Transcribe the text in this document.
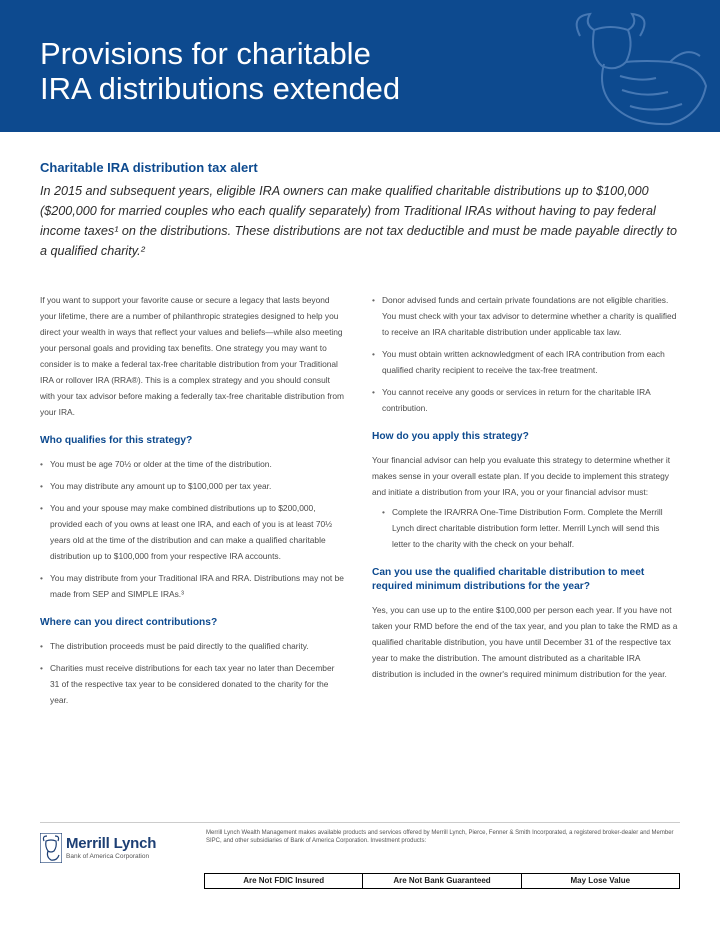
Provisions for charitable
IRA distributions extended
Charitable IRA distribution tax alert

In 2015 and subsequent years, eligible IRA owners can make qualified charitable distributions up to $100,000 ($200,000 for married couples who each qualify separately) from Traditional IRAs without having to pay federal income taxes¹ on the distributions. These distributions are not tax deductible and must be made payable directly to a qualified charity.²

If you want to support your favorite cause or secure a legacy that lasts beyond your lifetime, there are a number of philanthropic strategies designed to help you direct your wealth in ways that reflect your values and beliefs—while also meeting your personal goals and providing tax benefits. One strategy you may want to consider is to make a federal tax-free charitable distribution from your Traditional IRA or rollover IRA (RRA®). This is a complex strategy and you should consult with your tax advisor before making a federally tax-free charitable distribution from your IRA.

Who qualifies for this strategy?
• You must be age 70½ or older at the time of the distribution.
• You may distribute any amount up to $100,000 per tax year.
• You and your spouse may make combined distributions up to $200,000, provided each of you owns at least one IRA, and each of you is at least 70½ years old at the time of the distribution and can make a qualified charitable distribution up to $100,000 from your respective IRA accounts.
• You may distribute from your Traditional IRA and RRA. Distributions may not be made from SEP and SIMPLE IRAs.³
Where can you direct contributions?
• The distribution proceeds must be paid directly to the qualified charity.
• Charities must receive distributions for each tax year no later than December 31 of the respective tax year to be considered donated to the charity for the year.
• Donor advised funds and certain private foundations are not eligible charities. You must check with your tax advisor to determine whether a charity is qualified to receive an IRA charitable distribution under applicable tax law.
• You must obtain written acknowledgment of each IRA contribution from each qualified charity recipient to receive the tax-free treatment.
• You cannot receive any goods or services in return for the charitable IRA contribution.
How do you apply this strategy?

Your financial advisor can help you evaluate this strategy to determine whether it makes sense in your overall estate plan. If you decide to implement this strategy and initiate a distribution from your IRA, you or your financial advisor must:

• Complete the IRA/RRA One-Time Distribution Form. Complete the Merrill Lynch direct charitable distribution form letter. Merrill Lynch will send this letter to the charity with the check on your behalf.
Can you use the qualified charitable distribution to meet required minimum distributions for the year?

Yes, you can use up to the entire $100,000 per person each year. If you have not taken your RMD before the end of the tax year, and you plan to take the RMD as a qualified charitable distribution, you have until December 31 of the respective tax year to make the distribution. The amount distributed as a charitable IRA distribution is included in the owner's required minimum distribution for the year.

Merrill Lynch
Bank of America Corporation

Merrill Lynch Wealth Management makes available products and services offered by Merrill Lynch, Pierce, Fenner & Smith Incorporated, a registered broker-dealer and Member SIPC, and other subsidiaries of Bank of America Corporation. Investment products:

Are Not FDIC Insured	Are Not Bank Guaranteed	May Lose Value
